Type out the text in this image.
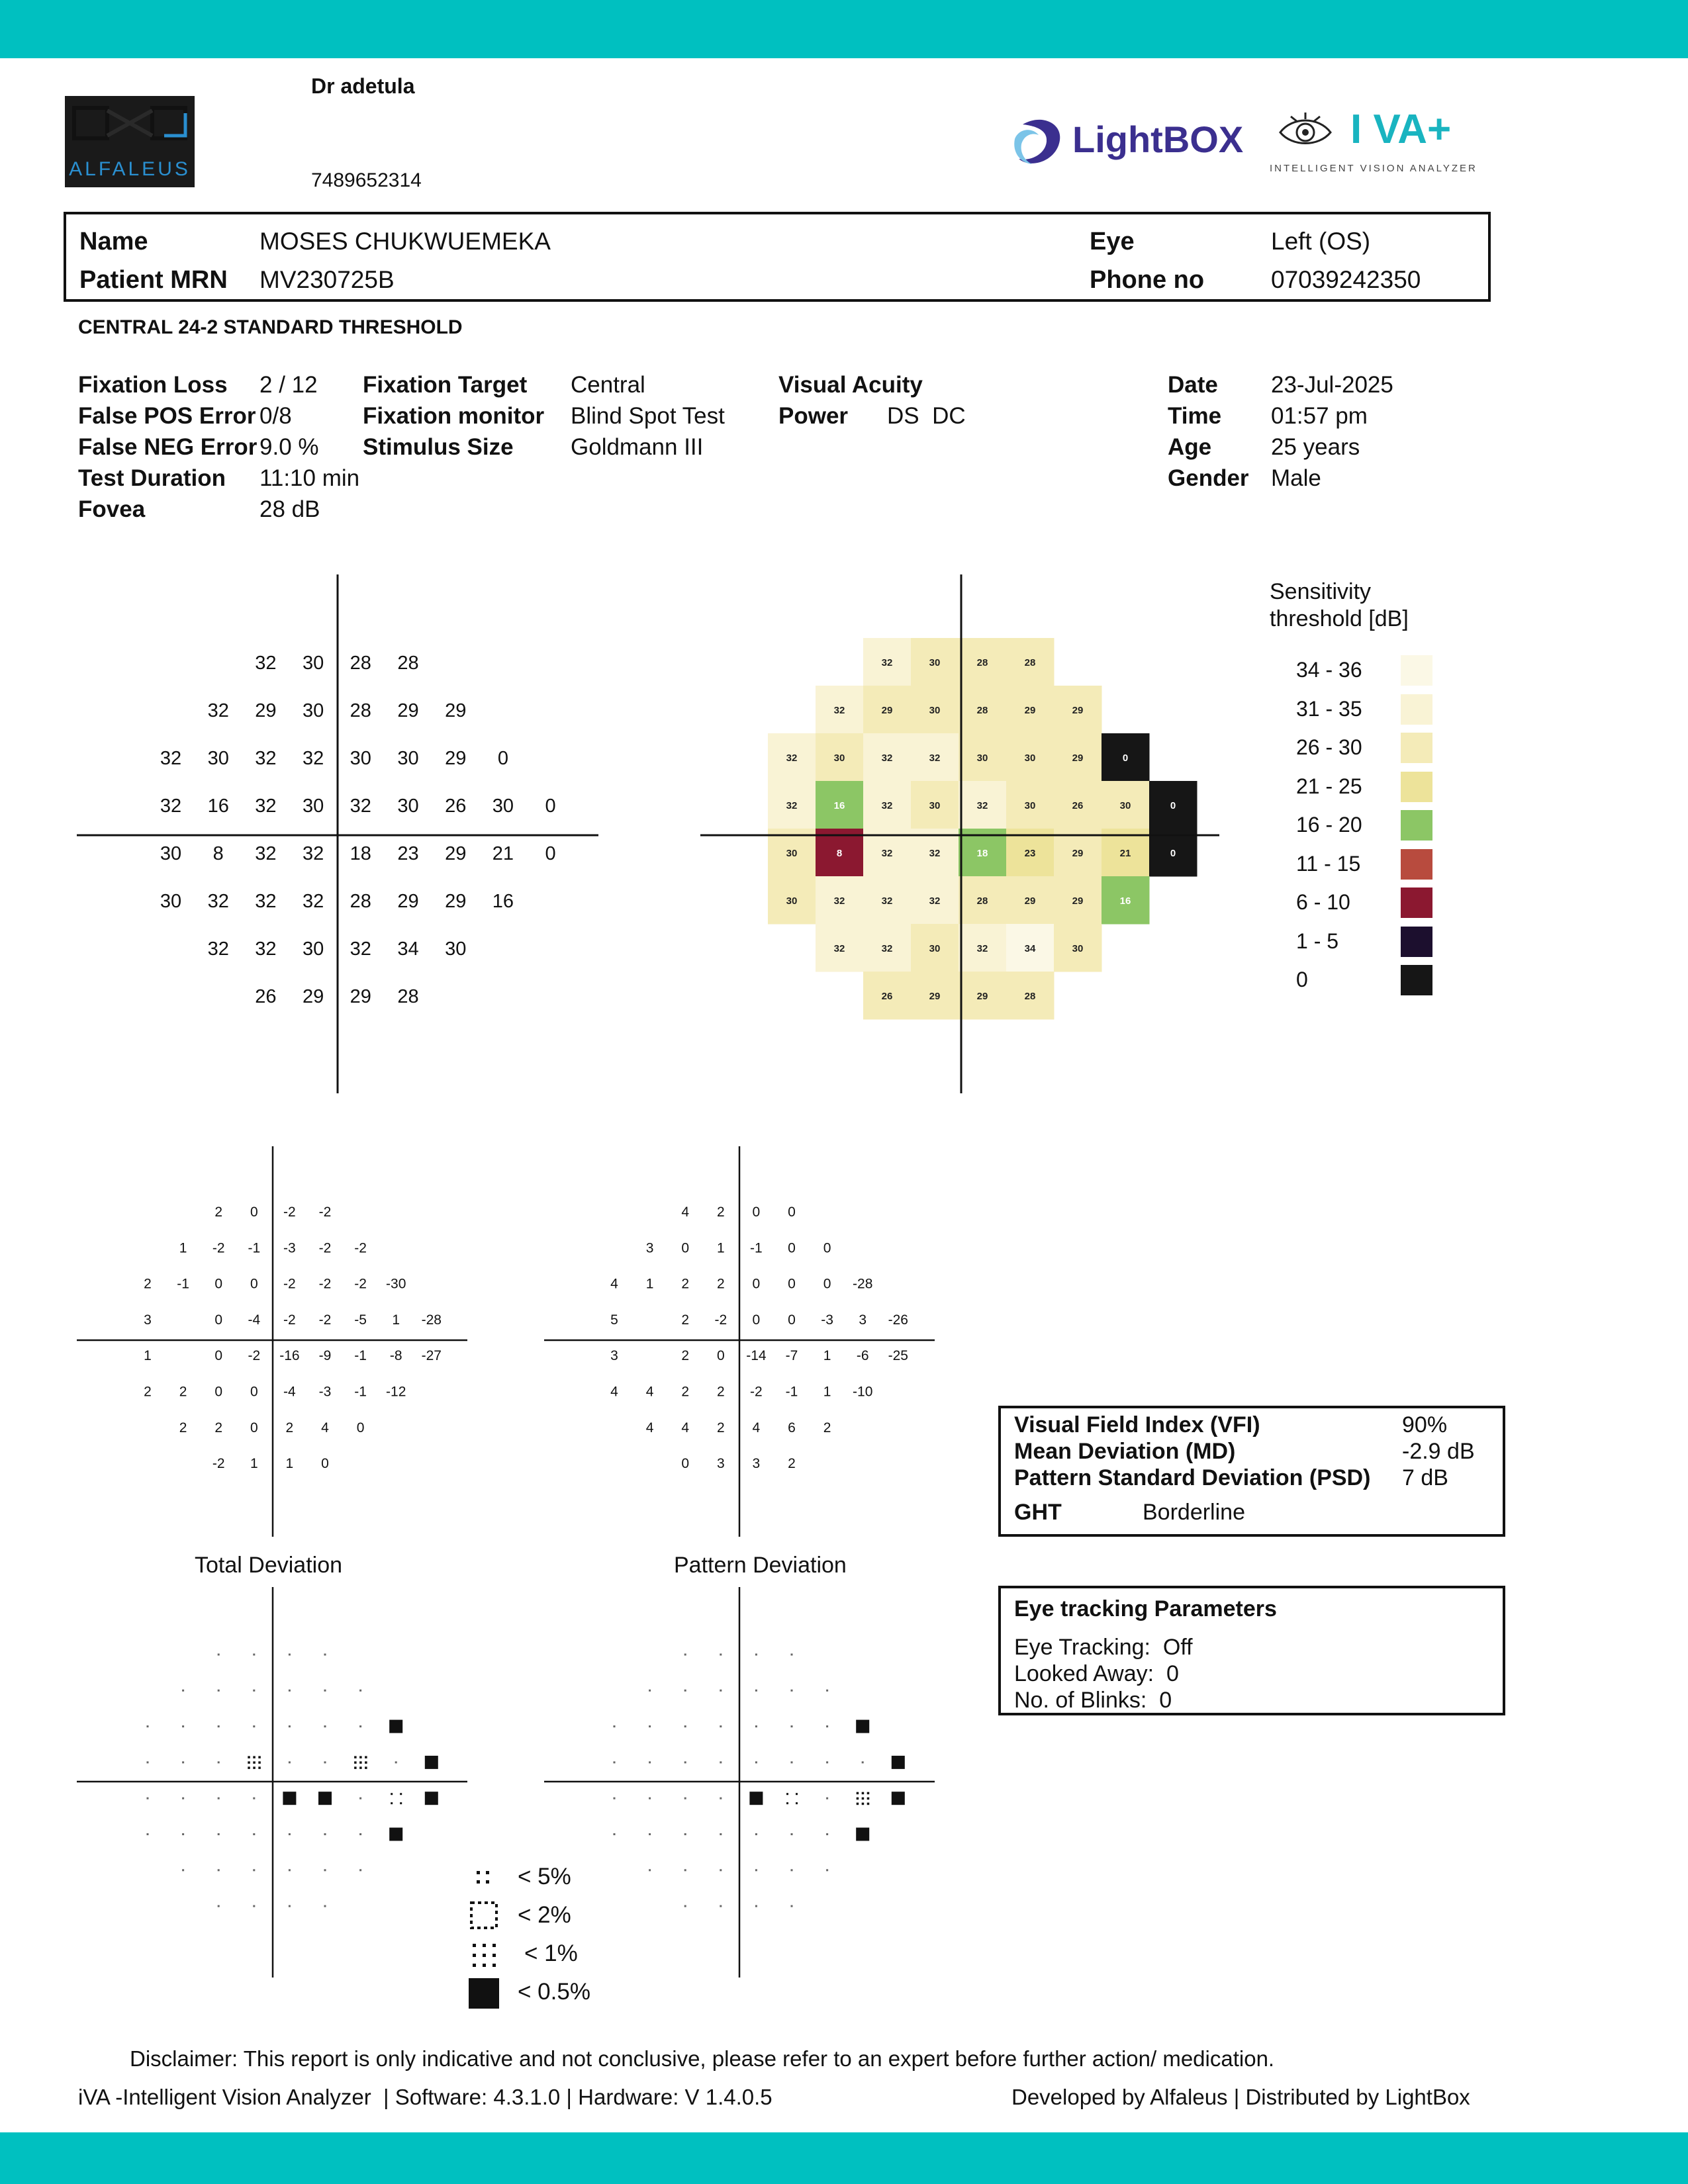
Dr adetula
7489652314
ALFALEUS
LightBOX	I VA+
INTELLIGENT VISION ANALYZER
Name	MOSES CHUKWUEMEKA
Patient MRN MV230725B
Eye	Left (OS)
Phone no	07039242350
CENTRAL 24-2 STANDARD THRESHOLD
Fixation Loss 2 / 12
False POS Error 0/8
False NEG Error 9.0 %
Test Duration 11:10 min
Fovea	28 dB
Fixation Target Central
Fixation monitor Blind Spot Test
Stimulus Size Goldmann III
Visual Acuity
Power DS  DC
Date 23-Jul-2025
Time 01:57 pm
Age	25 years
Gender Male
32 30 28 28
32 29 30 28 29 29
32 30 32 32 30 30 29 0
32 16 32 30 32 30 26 30 0
30 8 32 32 18 23 29 21 0
30 32 32 32 28 29 29 16
32 32 30 32 34 30
26 29 29 28
32	30	28	28
32	29	30	28	29	29
32	30	32	32	30	30	29	0
32	16	32	30	32	30	26	30	0
30	8	32	32	18	23	29	21	0
30	32	32	32	28	29	29	16
32	32	30	32	34	30
26	29	29	28
Sensitivity
threshold [dB]
34 - 36
31 - 35
26 - 30
21 - 25
16 - 20
11 - 15
6 - 10
1 - 5
0
2 0 -2 -2
1 -2 -1 -3 -2 -2
2 -1 0 0 -2 -2 -2 -30
3	0 -4 -2 -2 -5 1 -28
1	0 -2 -16 -9 -1 -8 -27
2 2 0 0 -4 -3 -1 -12
2 2 0 2 4 0
-2 1 1 0
4 2 0 0
3 0 1 -1 0 0
4 1 2 2 0 0 0 -28
5	2 -2 0 0 -3 3 -26
3	2 0 -14 -7 1 -6 -25
4 4 2 2 -2 -1 1 -10
4 4 2 4 6 2
0 3 3 2
Total Deviation	Pattern Deviation
< 5%
< 2%
< 1%
< 0.5%
Visual Field Index (VFI)	90%
Mean Deviation (MD)	-2.9 dB
Pattern Standard Deviation (PSD) 7 dB
GHT	Borderline
Eye tracking Parameters
Eye Tracking:  Off
Looked Away:  0
No. of Blinks:  0
Disclaimer: This report is only indicative and not conclusive, please refer to an expert before further action/ medication.
iVA -Intelligent Vision Analyzer  | Software: 4.3.1.0 | Hardware: V 1.4.0.5	Developed by Alfaleus | Distributed by LightBox
